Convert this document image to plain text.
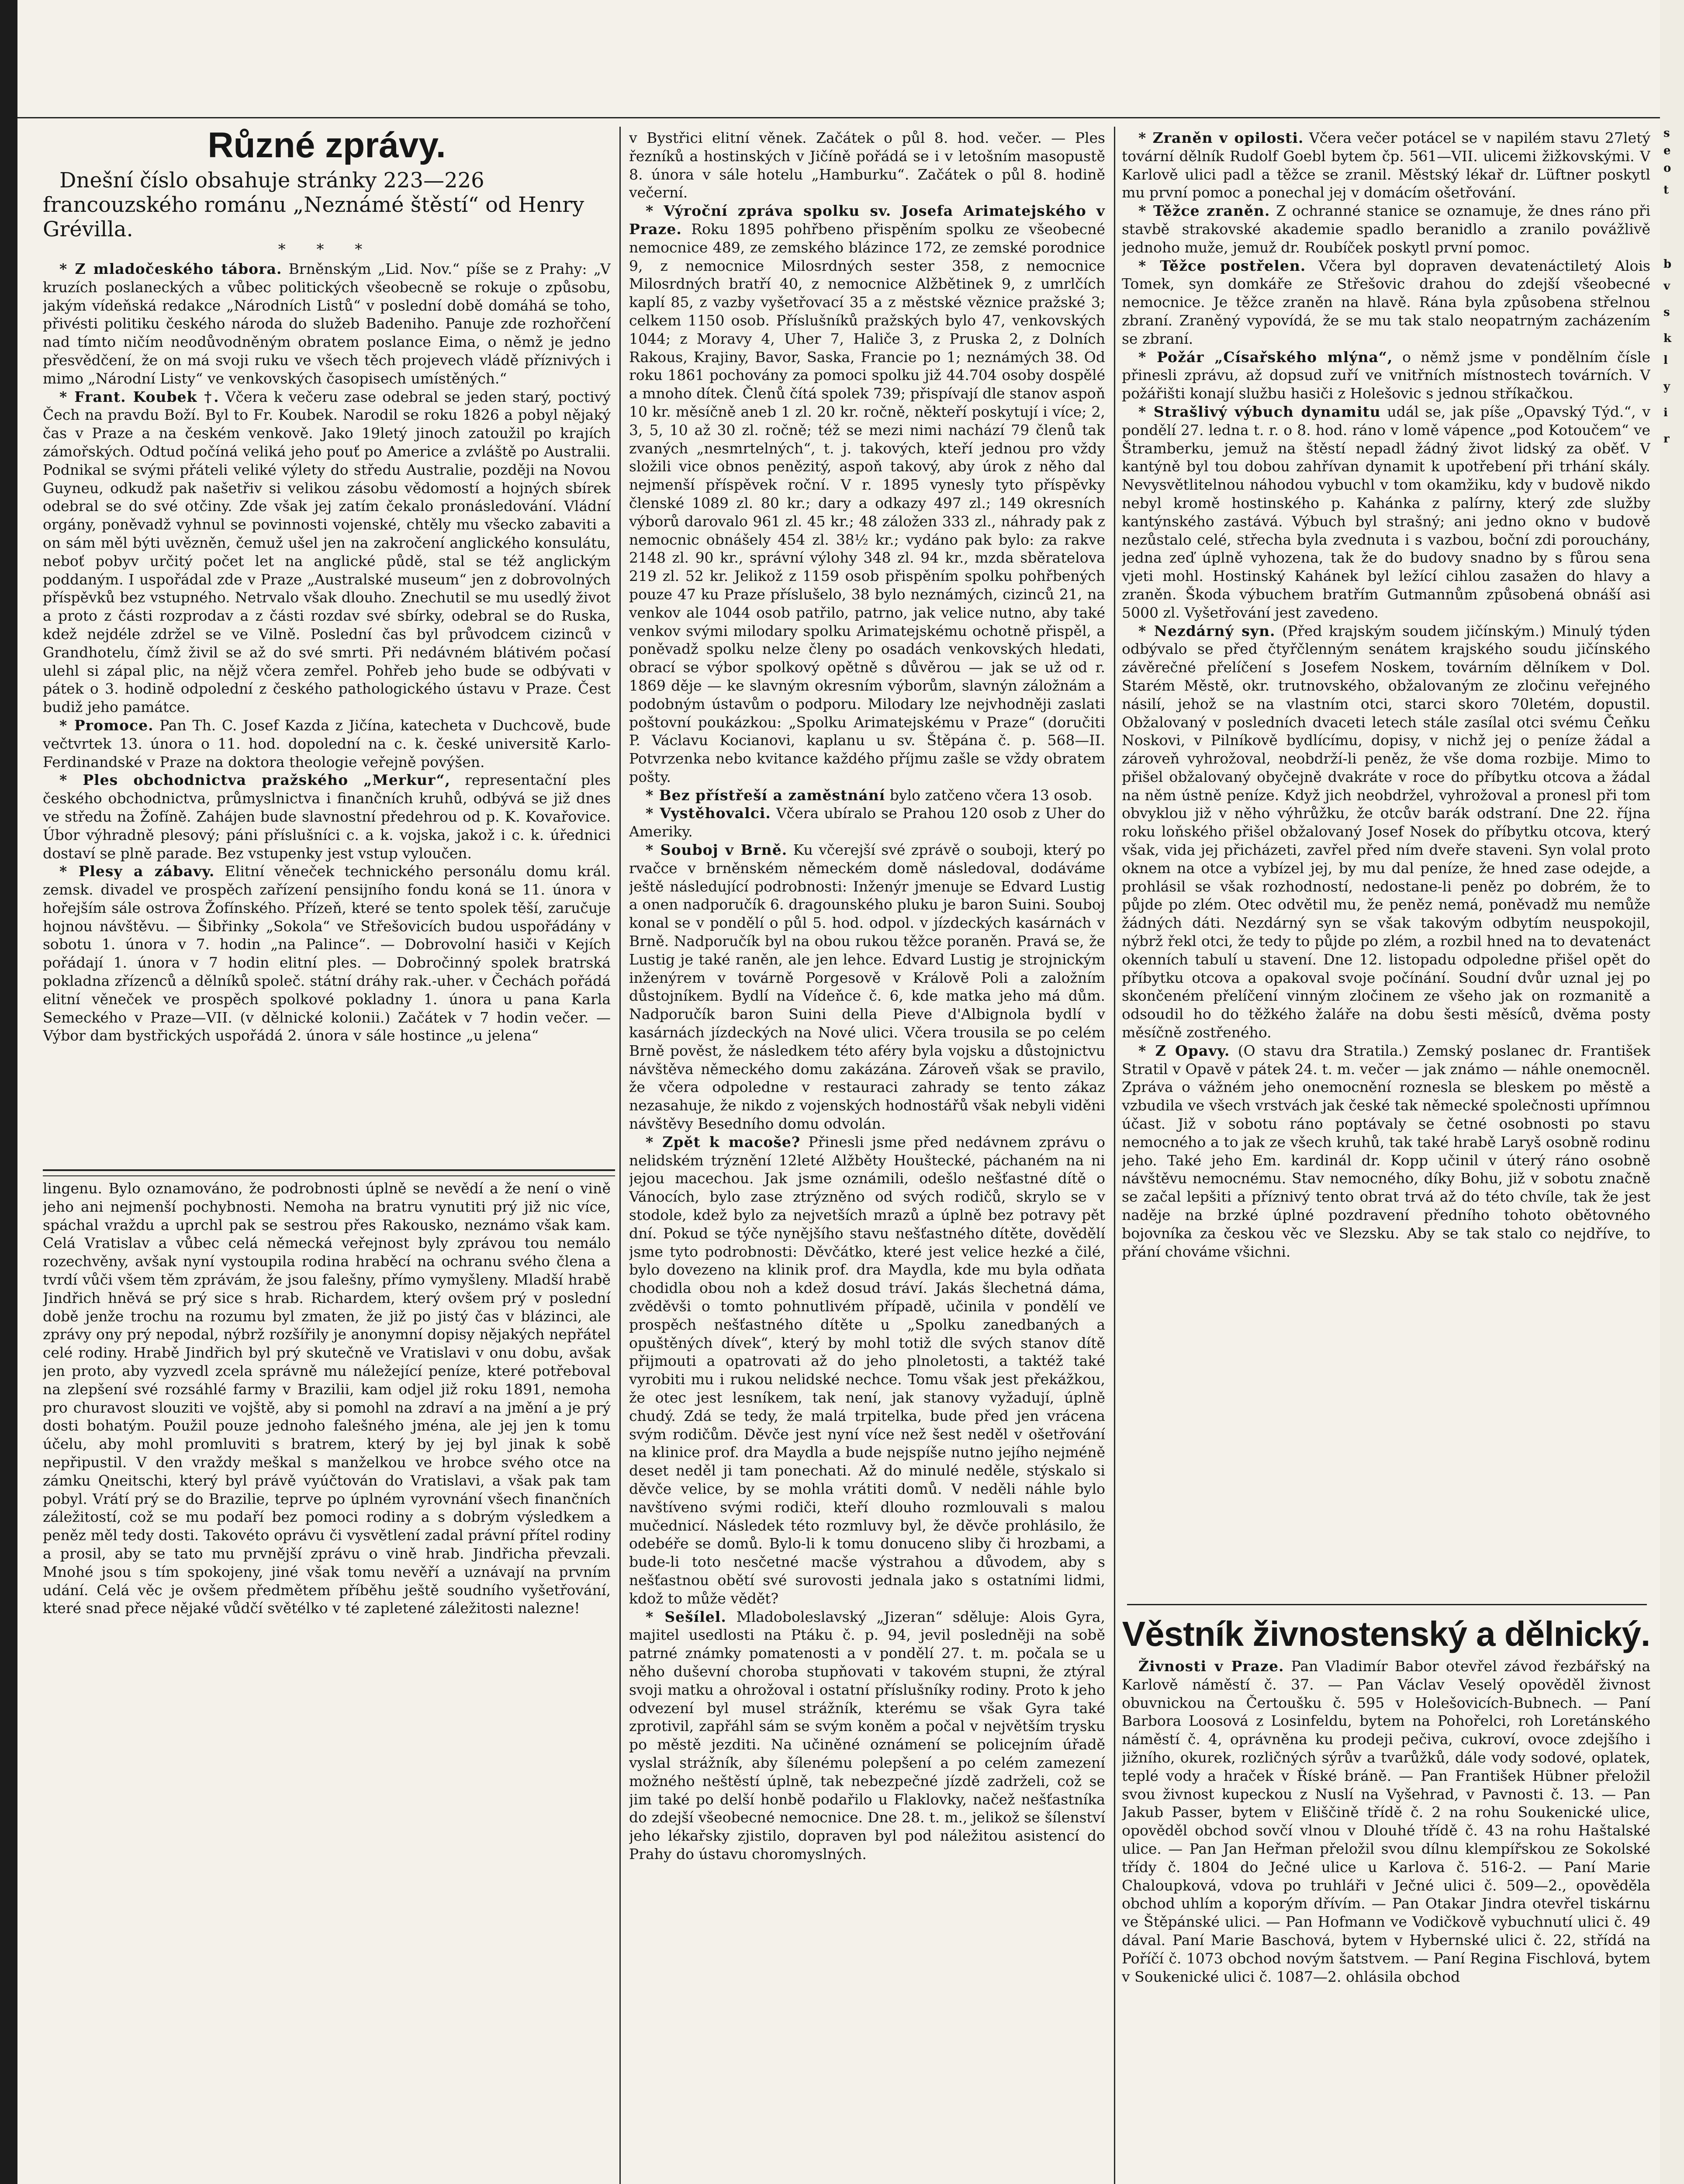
Různé zprávy.

Dnešní číslo obsahuje stránky 223—226 francouzského románu „Neznámé štěstí“ od Henry Grévilla.

* * *

* Z mladočeského tábora. Brněnským „Lid. Nov.“ píše se z Prahy: „V kruzích poslaneckých a vůbec politických všeobecně se rokuje o způsobu, jakým vídeňská redakce „Národních Listů“ v poslední době domáhá se toho, přivésti politiku českého národa do služeb Badeniho. Panuje zde rozhořčení nad tímto ničím neodůvodněným obratem poslance Eima, o němž je jedno přesvědčení, že on má svoji ruku ve všech těch projevech vládě příznivých i mimo „Národní Listy“ ve venkovských časopisech umístěných.“

* Frant. Koubek †. Včera k večeru zase odebral se jeden starý, poctivý Čech na pravdu Boží. Byl to Fr. Koubek. Narodil se roku 1826 a pobyl nějaký čas v Praze a na českém venkově. Jako 19letý jinoch zatoužil po krajích zámořských. Odtud počíná veliká jeho pouť po Americe a zvláště po Australii. Podnikal se svými přáteli veliké výlety do středu Australie, později na Novou Guyneu, odkudž pak našetřiv si velikou zásobu vědomostí a hojných sbírek odebral se do své otčiny. Zde však jej zatím čekalo pronásledování. Vládní orgány, poněvadž vyhnul se povinnosti vojenské, chtěly mu všecko zabaviti a on sám měl býti uvězněn, čemuž ušel jen na zakročení anglického konsulátu, neboť pobyv určitý počet let na anglické půdě, stal se též anglickým poddaným. I uspořádal zde v Praze „Australské museum“ jen z dobrovolných příspěvků bez vstupného. Netrvalo však dlouho. Znechutil se mu usedlý život a proto z části rozprodav a z části rozdav své sbírky, odebral se do Ruska, kdež nejdéle zdržel se ve Vilně. Poslední čas byl průvodcem cizinců v Grandhotelu, čímž živil se až do své smrti. Při nedávném blátivém počasí ulehl si zápal plic, na nějž včera zemřel. Pohřeb jeho bude se odbývati v pátek o 3. hodině odpolední z českého pathologického ústavu v Praze. Čest budiž jeho památce.

* Promoce. Pan Th. C. Josef Kazda z Jičína, katecheta v Duchcově, bude večtvrtek 13. února o 11. hod. dopolední na c. k. české universitě Karlo-Ferdinandské v Praze na doktora theologie veřejně povýšen.

* Ples obchodnictva pražského „Merkur“, representační ples českého obchodnictva, průmyslnictva i finančních kruhů, odbývá se již dnes ve středu na Žofíně. Zahájen bude slavnostní předehrou od p. K. Kovařovice. Úbor výhradně plesový; páni příslušníci c. a k. vojska, jakož i c. k. úřednici dostaví se plně parade. Bez vstupenky jest vstup vyloučen.

* Plesy a zábavy. Elitní věneček technického personálu domu král. zemsk. divadel ve prospěch zařízení pensijního fondu koná se 11. února v hořejším sále ostrova Žofínského. Přízeň, které se tento spolek těší, zaručuje hojnou návštěvu. — Šibřinky „Sokola“ ve Střešovicích budou uspořádány v sobotu 1. února v 7. hodin „na Palince“. — Dobrovolní hasiči v Kejích pořádají 1. února v 7 hodin elitní ples. — Dobročinný spolek bratrská pokladna zřízenců a dělníků společ. státní dráhy rak.-uher. v Čechách pořádá elitní věneček ve prospěch spolkové pokladny 1. února u pana Karla Semeckého v Praze—VII. (v dělnické kolonii.) Začátek v 7 hodin večer. — Výbor dam bystřických uspořádá 2. února v sále hostince „u jelena“

v Bystřici elitní věnek. Začátek o půl 8. hod. večer. — Ples řezníků a hostinských v Jičíně pořádá se i v letošním masopustě 8. února v sále hotelu „Hamburku“. Začátek o půl 8. hodině večerní.

* Výroční zpráva spolku sv. Josefa Arimatejského v Praze. Roku 1895 pohřbeno přispěním spolku ze všeobecné nemocnice 489, ze zemského blázince 172, ze zemské porodnice 9, z nemocnice Milosrdných sester 358, z nemocnice Milosrdných bratří 40, z nemocnice Alžbětinek 9, z umrlčích kaplí 85, z vazby vyšetřovací 35 a z městské věznice pražské 3; celkem 1150 osob. Příslušníků pražských bylo 47, venkovských 1044; z Moravy 4, Uher 7, Haliče 3, z Pruska 2, z Dolních Rakous, Krajiny, Bavor, Saska, Francie po 1; neznámých 38. Od roku 1861 pochovány za pomoci spolku již 44.704 osoby dospělé a mnoho dítek. Členů čítá spolek 739; přispívají dle stanov aspoň 10 kr. měsíčně aneb 1 zl. 20 kr. ročně, někteří poskytují i více; 2, 3, 5, 10 až 30 zl. ročně; též se mezi nimi nachází 79 členů tak zvaných „nesmrtelných“, t. j. takových, kteří jednou pro vždy složili vice obnos penězitý, aspoň takový, aby úrok z něho dal nejmenší příspěvek roční. V r. 1895 vynesly tyto příspěvky členské 1089 zl. 80 kr.; dary a odkazy 497 zl.; 149 okresních výborů darovalo 961 zl. 45 kr.; 48 záložen 333 zl., náhrady pak z nemocnic obnášely 454 zl. 38½ kr.; vydáno pak bylo: za rakve 2148 zl. 90 kr., správní výlohy 348 zl. 94 kr., mzda sběratelova 219 zl. 52 kr. Jelikož z 1159 osob přispěním spolku pohřbených pouze 47 ku Praze příslušelo, 38 bylo neznámých, cizinců 21, na venkov ale 1044 osob patřilo, patrno, jak velice nutno, aby také venkov svými milodary spolku Arimatejskému ochotně přispěl, a poněvadž spolku nelze členy po osadách venkovských hledati, obrací se výbor spolkový opětně s důvěrou — jak se už od r. 1869 děje — ke slavným okresním výborům, slavnýn záložnám a podobným ústavům o podporu. Milodary lze nejvhodněji zaslati poštovní poukázkou: „Spolku Arimatejskému v Praze“ (doručiti P. Václavu Kocianovi, kaplanu u sv. Štěpána č. p. 568—II. Potvrzenka nebo kvitance každého příjmu zašle se vždy obratem pošty.

* Bez přístřeší a zaměstnání bylo zatčeno včera 13 osob.

* Vystěhovalci. Včera ubíralo se Prahou 120 osob z Uher do Ameriky.

* Souboj v Brně. Ku včerejší své zprávě o souboji, který po rvačce v brněnském německém domě následoval, dodáváme ještě následující podrobnosti: Inženýr jmenuje se Edvard Lustig a onen nadporučík 6. dragounského pluku je baron Suini. Souboj konal se v pondělí o půl 5. hod. odpol. v jízdeckých kasárnách v Brně. Nadporučík byl na obou rukou těžce poraněn. Pravá se, že Lustig je také raněn, ale jen lehce. Edvard Lustig je strojnickým inženýrem v továrně Porgesově v Králově Poli a založním důstojníkem. Bydlí na Vídeňce č. 6, kde matka jeho má dům. Nadporučík baron Suini della Pieve d'Albignola bydlí v kasárnách jízdeckých na Nové ulici. Včera trousila se po celém Brně pověst, že následkem této aféry byla vojsku a důstojnictvu návštěva německého domu zakázána. Zároveň však se pravilo, že včera odpoledne v restauraci zahrady se tento zákaz nezasahuje, že nikdo z vojenských hodnostářů však nebyli viděni návštěvy Besedního domu odvolán.

* Zpět k macoše? Přinesli jsme před nedávnem zprávu o nelidském trýznění 12leté Alžběty Houštecké, páchaném na ni jejou macechou. Jak jsme oznámili, odešlo nešťastné dítě o Vánocích, bylo zase ztrýzněno od svých rodičů, skrylo se v stodole, kdež bylo za nejvetších mrazů a úplně bez potravy pět dní. Pokud se týče nynějšího stavu nešťastného dítěte, dovědělí jsme tyto podrobnosti: Děvčátko, které jest velice hezké a čilé, bylo dovezeno na klinik prof. dra Maydla, kde mu byla odňata chodidla obou noh a kdež dosud tráví. Jakás šlechetná dáma, zvěděvši o tomto pohnutlivém případě, učinila v pondělí ve prospěch nešťastného dítěte u „Spolku zanedbaných a opuštěných dívek“, který by mohl totiž dle svých stanov dítě přijmouti a opatrovati až do jeho plnoletosti, a taktéž také vyrobiti mu i rukou nelidské nechce. Tomu však jest překážkou, že otec jest lesníkem, tak není, jak stanovy vyžadují, úplně chudý. Zdá se tedy, že malá trpitelka, bude před jen vrácena svým rodičům. Děvče jest nyní více než šest neděl v ošetřování na klinice prof. dra Maydla a bude nejspíše nutno jejího nejméně deset neděl ji tam ponechati. Až do minulé neděle, stýskalo si děvče velice, by se mohla vrátiti domů. V neděli náhle bylo navštíveno svými rodiči, kteří dlouho rozmlouvali s malou mučednicí. Následek této rozmluvy byl, že děvče prohlásilo, že odebéře se domů. Bylo-li k tomu donuceno sliby či hrozbami, a bude-li toto nesčetné macše výstrahou a důvodem, aby s nešťastnou obětí své surovosti jednala jako s ostatními lidmi, kdož to může vědět?

* Sešílel. Mladoboleslavský „Jizeran“ sděluje: Alois Gyra, majitel usedlosti na Ptáku č. p. 94, jevil posledněji na sobě patrné známky pomatenosti a v pondělí 27. t. m. počala se u něho duševní choroba stupňovati v takovém stupni, že ztýral svoji matku a ohrožoval i ostatní příslušníky rodiny. Proto k jeho odvezení byl musel strážník, kterému se však Gyra také zprotivil, zapřáhl sám se svým koněm a počal v největším trysku po městě jezditi. Na učiněné oznámení se policejním úřadě vyslal strážník, aby šílenému polepšení a po celém zamezení možného neštěstí úplně, tak nebezpečné jízdě zadrželi, což se jim také po delší honbě podařilo u Flaklovky, načež nešťastníka do zdejší všeobecné nemocnice. Dne 28. t. m., jelikož se šílenství jeho lékařsky zjistilo, dopraven byl pod náležitou asistencí do Prahy do ústavu choromyslných.

* Zraněn v opilosti. Včera večer potácel se v napilém stavu 27letý tovární dělník Rudolf Goebl bytem čp. 561—VII. ulicemi žižkovskými. V Karlově ulici padl a těžce se zranil. Městský lékař dr. Lüftner poskytl mu první pomoc a ponechal jej v domácím ošetřování.

* Těžce zraněn. Z ochranné stanice se oznamuje, že dnes ráno při stavbě strakovské akademie spadlo beranidlo a zranilo povážlivě jednoho muže, jemuž dr. Roubíček poskytl první pomoc.

* Těžce postřelen. Včera byl dopraven devatenáctiletý Alois Tomek, syn domkáře ze Střešovic drahou do zdejší všeobecné nemocnice. Je těžce zraněn na hlavě. Rána byla způsobena střelnou zbraní. Zraněný vypovídá, že se mu tak stalo neopatrným zacházením se zbraní.

* Požár „Císařského mlýna“, o němž jsme v pondělním čísle přinesli zprávu, až dopsud zuří ve vnitřních místnostech továrních. V požářišti konají službu hasiči z Holešovic s jednou stříkačkou.

* Strašlivý výbuch dynamitu udál se, jak píše „Opavský Týd.“, v pondělí 27. ledna t. r. o 8. hod. ráno v lomě vápence „pod Kotoučem“ ve Štramberku, jemuž na štěstí nepadl žádný život lidský za oběť. V kantýně byl tou dobou zahřívan dynamit k upotřebení při trhání skály. Nevysvětlitelnou náhodou vybuchl v tom okamžiku, kdy v budově nikdo nebyl kromě hostinského p. Kahánka z palírny, který zde služby kantýnského zastává. Výbuch byl strašný; ani jedno okno v budově nezůstalo celé, střecha byla zvednuta i s vazbou, boční zdi porouchány, jedna zeď úplně vyhozena, tak že do budovy snadno by s fůrou sena vjeti mohl. Hostinský Kahánek byl ležící cihlou zasažen do hlavy a zraněn. Škoda výbuchem bratřím Gutmannům způsobená obnáší asi 5000 zl. Vyšetřování jest zavedeno.

* Nezdárný syn. (Před krajským soudem jičínským.) Minulý týden odbývalo se před čtyřčlenným senátem krajského soudu jičínského závěrečné přelíčení s Josefem Noskem, továrním dělníkem v Dol. Starém Městě, okr. trutnovského, obžalovaným ze zločinu veřejného násilí, jehož se na vlastním otci, starci skoro 70letém, dopustil. Obžalovaný v posledních dvaceti letech stále zasílal otci svému Čeňku Noskovi, v Pilníkově bydlícímu, dopisy, v nichž jej o peníze žádal a zároveň vyhrožoval, neobdrží-li peněz, že vše doma rozbije. Mimo to přišel obžalovaný obyčejně dvakráte v roce do příbytku otcova a žádal na něm ústně peníze. Když jich neobdržel, vyhrožoval a pronesl při tom obvyklou již v něho výhrůžku, že otcův barák odstraní. Dne 22. října roku loňského přišel obžalovaný Josef Nosek do příbytku otcova, který však, vida jej přicházeti, zavřel před ním dveře staveni. Syn volal proto oknem na otce a vybízel jej, by mu dal peníze, že hned zase odejde, a prohlásil se však rozhodností, nedostane-li peněz po dobrém, že to půjde po zlém. Otec odvětil mu, že peněz nemá, poněvadž mu nemůže žádných dáti. Nezdárný syn se však takovým odbytím neuspokojil, nýbrž řekl otci, že tedy to půjde po zlém, a rozbil hned na to devatenáct okenních tabulí u stavení. Dne 12. listopadu odpoledne přišel opět do příbytku otcova a opakoval svoje počínání. Soudní dvůr uznal jej po skončeném přelíčení vinným zločinem ze všeho jak on rozmanitě a odsoudil ho do těžkého žaláře na dobu šesti měsíců, dvěma posty měsíčně zostřeného.

* Z Opavy. (O stavu dra Stratila.) Zemský poslanec dr. František Stratil v Opavě v pátek 24. t. m. večer — jak známo — náhle onemocněl. Zpráva o vážném jeho onemocnění roznesla se bleskem po městě a vzbudila ve všech vrstvách jak české tak německé společnosti upřímnou účast. Již v sobotu ráno poptávaly se četné osobnosti po stavu nemocného a to jak ze všech kruhů, tak také hrabě Laryš osobně rodinu jeho. Také jeho Em. kardinál dr. Kopp učinil v úterý ráno osobně návštěvu nemocnému. Stav nemocného, díky Bohu, již v sobotu značně se začal lepšiti a příznivý tento obrat trvá až do této chvíle, tak že jest naděje na brzké úplné pozdravení předního tohoto obětovného bojovníka za českou věc ve Slezsku. Aby se tak stalo co nejdříve, to přání chováme všichni.

Věstník živnostenský a dělnický.

Živnosti v Praze. Pan Vladimír Babor otevřel závod řezbářský na Karlově náměstí č. 37. — Pan Václav Veselý opověděl živnost obuvnickou na Čertoušku č. 595 v Holešovicích-Bubnech. — Paní Barbora Loosová z Losinfeldu, bytem na Pohořelci, roh Loretánského náměstí č. 4, oprávněna ku prodeji pečiva, cukroví, ovoce zdejšího i jižního, okurek, rozličných sýrův a tvarůžků, dále vody sodové, oplatek, teplé vody a hraček v Říské bráně. — Pan František Hübner přeložil svou živnost kupeckou z Nuslí na Vyšehrad, v Pavnosti č. 13. — Pan Jakub Passer, bytem v Eliščině třídě č. 2 na rohu Soukenické ulice, opověděl obchod sovčí vlnou v Dlouhé třídě č. 43 na rohu Haštalské ulice. — Pan Jan Heřman přeložil svou dílnu klempířskou ze Sokolské třídy č. 1804 do Ječné ulice u Karlova č. 516-2. — Paní Marie Chaloupková, vdova po truhláři v Ječné ulici č. 509—2., opověděla obchod uhlím a koporým dřívím. — Pan Otakar Jindra otevřel tiskárnu ve Štěpánské ulici. — Pan Hofmann ve Vodičkově vybuchnutí ulici č. 49 dával. Paní Marie Baschová, bytem v Hybernské ulici č. 22, střídá na Poříčí č. 1073 obchod novým šatstvem. — Paní Regina Fischlová, bytem v Soukenické ulici č. 1087—2. ohlásila obchod

lingenu. Bylo oznamováno, že podrobnosti úplně se nevědí a že není o vině jeho ani nejmenší pochybnosti. Nemoha na bratru vynutiti prý již nic více, spáchal vraždu a uprchl pak se sestrou přes Rakousko, neznámo však kam. Celá Vratislav a vůbec celá německá veřejnost byly zprávou tou nemálo rozechvěny, avšak nyní vystoupila rodina hraběcí na ochranu svého člena a tvrdí vůči všem těm zprávám, že jsou falešny, přímo vymyšleny. Mladší hrabě Jindřich hněvá se prý sice s hrab. Richardem, který ovšem prý v poslední době jenže trochu na rozumu byl zmaten, že již po jistý čas v blázinci, ale zprávy ony prý nepodal, nýbrž rozšířily je anonymní dopisy nějakých nepřátel celé rodiny. Hrabě Jindřich byl prý skutečně ve Vratislavi v onu dobu, avšak jen proto, aby vyzvedl zcela správně mu náležející peníze, které potřeboval na zlepšení své rozsáhlé farmy v Brazilii, kam odjel již roku 1891, nemoha pro churavost slouziti ve vojště, aby si pomohl na zdraví a na jmění a je prý dosti bohatým. Použil pouze jednoho falešného jména, ale jej jen k tomu účelu, aby mohl promluviti s bratrem, který by jej byl jinak k sobě nepřipustil. V den vraždy meškal s manželkou ve hrobce svého otce na zámku Qneitschi, který byl právě vyúčtován do Vratislavi, a však pak tam pobyl. Vrátí prý se do Brazilie, teprve po úplném vyrovnání všech finančních záležitostí, což se mu podaří bez pomoci rodiny a s dobrým výsledkem a peněz měl tedy dosti. Takovéto oprávu či vysvětlení zadal právní přítel rodiny a prosil, aby se tato mu prvnější zprávu o vině hrab. Jindřicha převzali. Mnohé jsou s tím spokojeny, jiné však tomu nevěří a uznávají na prvním udání. Celá věc je ovšem předmětem příběhu ještě soudního vyšetřování, které snad přece nějaké vůdčí světélko v té zapletené záležitosti nalezne!

s
e
o
t
b
v
s
k
l
y
i
r
